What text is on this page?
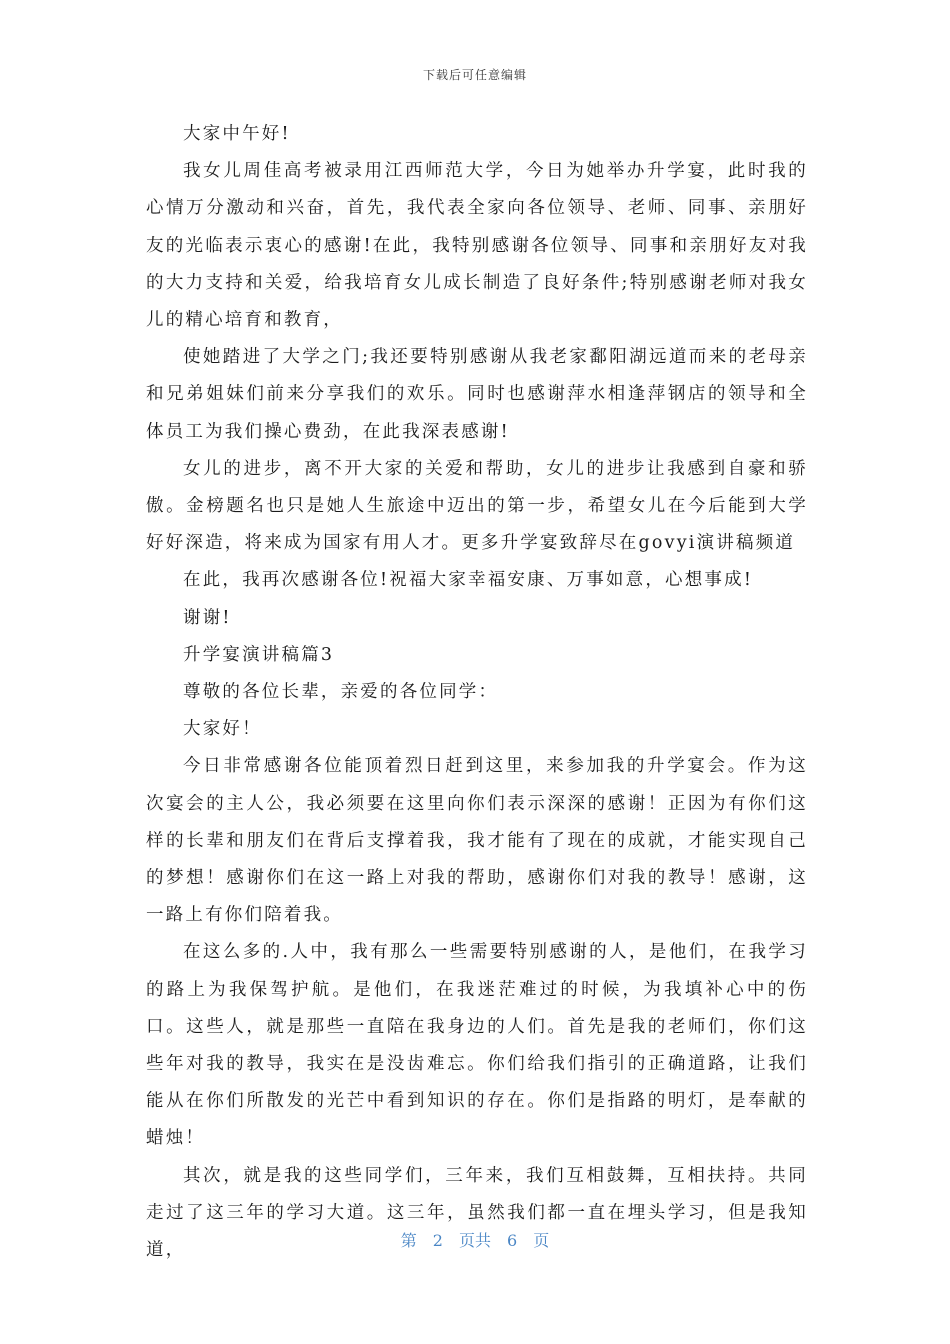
下载后可任意编辑

大家中午好!

我女儿周佳高考被录用江西师范大学，今日为她举办升学宴，此时我的心情万分激动和兴奋，首先，我代表全家向各位领导、老师、同事、亲朋好友的光临表示衷心的感谢!在此，我特别感谢各位领导、同事和亲朋好友对我的大力支持和关爱，给我培育女儿成长制造了良好条件;特别感谢老师对我女儿的精心培育和教育，

使她踏进了大学之门;我还要特别感谢从我老家鄱阳湖远道而来的老母亲和兄弟姐妹们前来分享我们的欢乐。同时也感谢萍水相逢萍钢店的领导和全体员工为我们操心费劲，在此我深表感谢!

女儿的进步，离不开大家的关爱和帮助，女儿的进步让我感到自豪和骄傲。金榜题名也只是她人生旅途中迈出的第一步，希望女儿在今后能到大学好好深造，将来成为国家有用人才。更多升学宴致辞尽在govyi演讲稿频道

在此，我再次感谢各位!祝福大家幸福安康、万事如意，心想事成!

谢谢!

升学宴演讲稿篇3

尊敬的各位长辈，亲爱的各位同学：

大家好！

今日非常感谢各位能顶着烈日赶到这里，来参加我的升学宴会。作为这次宴会的主人公，我必须要在这里向你们表示深深的感谢！正因为有你们这样的长辈和朋友们在背后支撑着我，我才能有了现在的成就，才能实现自己的梦想！感谢你们在这一路上对我的帮助，感谢你们对我的教导！感谢，这一路上有你们陪着我。

在这么多的.人中，我有那么一些需要特别感谢的人，是他们，在我学习的路上为我保驾护航。是他们，在我迷茫难过的时候，为我填补心中的伤口。这些人，就是那些一直陪在我身边的人们。首先是我的老师们，你们这些年对我的教导，我实在是没齿难忘。你们给我们指引的正确道路，让我们能从在你们所散发的光芒中看到知识的存在。你们是指路的明灯，是奉献的蜡烛！

其次，就是我的这些同学们，三年来，我们互相鼓舞，互相扶持。共同走过了这三年的学习大道。这三年，虽然我们都一直在埋头学习，但是我知道，	第 2 页共 6 页
